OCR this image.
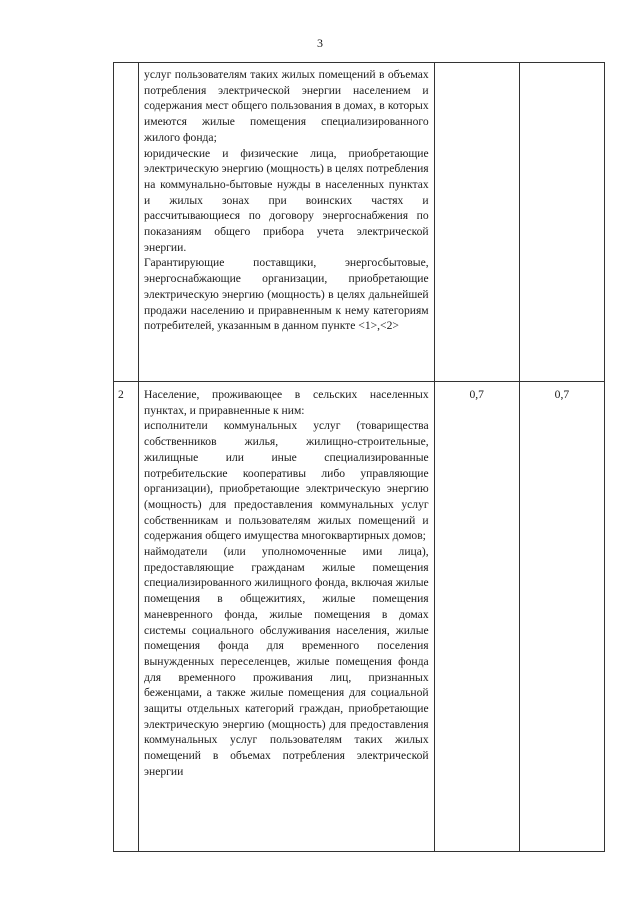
3

	услуг пользователям таких жилых помещений в объемах потребления электрической энергии населением и содержания мест общего пользования в домах, в которых имеются жилые помещения специализированного жилого фонда;

юридические и физические лица, приобретающие электрическую энергию (мощность) в целях потребления на коммунально-бытовые нужды в населенных пунктах и жилых зонах при воинских частях и рассчитывающиеся по договору энергоснабжения по показаниям общего прибора учета электрической энергии.

Гарантирующие поставщики, энергосбытовые, энергоснабжающие организации, приобретающие электрическую энергию (мощность) в целях дальнейшей продажи населению и приравненным к нему категориям потребителей, указанным в данном пункте <1>,<2>		

2	Население, проживающее в сельских населенных пунктах, и приравненные к ним:

исполнители коммунальных услуг (товарищества собственников жилья, жилищно-строительные, жилищные или иные специализированные потребительские кооперативы либо управляющие организации), приобретающие электрическую энергию (мощность) для предоставления коммунальных услуг собственникам и пользователям жилых помещений и содержания общего имущества многоквартирных домов;

наймодатели (или уполномоченные ими лица), предоставляющие гражданам жилые помещения специализированного жилищного фонда, включая жилые помещения в общежитиях, жилые помещения маневренного фонда, жилые помещения в домах системы социального обслуживания населения, жилые помещения фонда для временного поселения вынужденных переселенцев, жилые помещения фонда для временного проживания лиц, признанных беженцами, а также жилые помещения для социальной защиты отдельных категорий граждан, приобретающие электрическую энергию (мощность) для предоставления коммунальных услуг пользователям таких жилых помещений в объемах потребления электрической энергии	0,7	0,7
